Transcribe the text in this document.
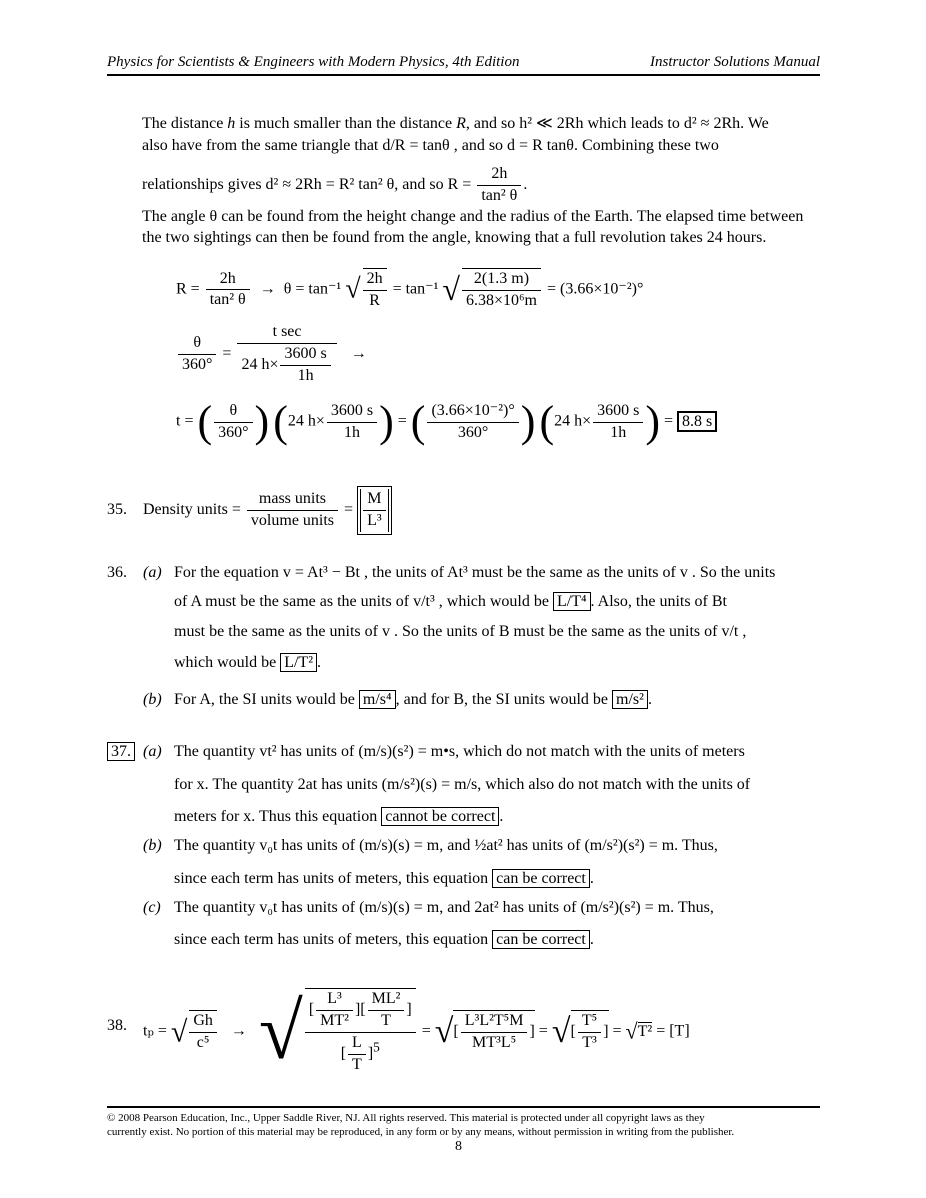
Physics for Scientists & Engineers with Modern Physics, 4th Edition	Instructor Solutions Manual
The distance h is much smaller than the distance R, and so h² ≪ 2Rh which leads to d² ≈ 2Rh. We
also have from the same triangle that d/R = tanθ , and so d = R tanθ. Combining these two
relationships gives d² ≈ 2Rh = R² tan² θ, and so $R = \frac{2h}{\text{tan² θ}}$ .
The angle θ can be found from the height change and the radius of the Earth. The elapsed time between the two sightings can then be found from the angle, knowing that a full revolution takes 24 hours.
$R = \frac{2h}{\text{tan² θ}} \to \theta = \tan^{-1}$ √ $\frac{2h}{R} = \tan^{-1}$ √ $\frac{2(1.3 m)}{\text{6.38×10⁶m}} = (3.66\times 10^{-2})^\circ$
$\frac{\theta}{360^\circ} = \frac{\text{t sec}}{24 h\times \frac{3600 s}{1h}}$ →
t = ( $\frac{\theta}{360^\circ}$ ) (24 $h\times \frac{3600 s}{1h}$ ) = ( $\frac{\text{(3.66×10⁻²)°}}{360^\circ}$ ) (24 $h\times \frac{3600 s}{1h}$ ) = 8.8 s
35. Density units = $\frac{\text{mass units}}{\text{volume units}} = \frac{M}{\text{L³}}$
36. (a) For the equation v = At³ − Bt , the units of At³ must be the same as the units of v . So the units
of A must be the same as the units of v/t³ , which would be L/T⁴ . Also, the units of Bt
must be the same as the units of v . So the units of B must be the same as the units of v/t ,
which would be L/T² .
(b) For A, the SI units would be m/s⁴ , and for B, the SI units would be m/s² .
37. (a) The quantity vt² has units of (m/s)(s²) = m•s, which do not match with the units of meters
for x. The quantity 2at has units (m/s²)(s) = m/s, which also do not match with the units of
meters for x. Thus this equation cannot be correct .
(b) The quantity v₀t has units of (m/s)(s) = m, and ½at² has units of (m/s²)(s²) = m. Thus,
since each term has units of meters, this equation can be correct .
(c) The quantity v₀t has units of (m/s)(s) = m, and 2at² has units of (m/s²)(s²) = m. Thus,
since each term has units of meters, this equation can be correct .
38. tₚ = √ $\frac{Gh}{\text{c⁵}}$ → √ $\frac{[ \frac{\text{L³}}{\text{MT²}} ][ \frac{\text{ML²}}{T} ]}{[ \frac{L}{T} ]^5}$ = √[ $\frac{\text{L³L²T⁵M}}{\text{MT³L⁵}}$ ] = √[ $\frac{\text{T⁵}}{\text{T³}}$ ] = √T² = [T]
© 2008 Pearson Education, Inc., Upper Saddle River, NJ. All rights reserved. This material is protected under all copyright laws as they
currently exist. No portion of this material may be reproduced, in any form or by any means, without permission in writing from the publisher.
8
